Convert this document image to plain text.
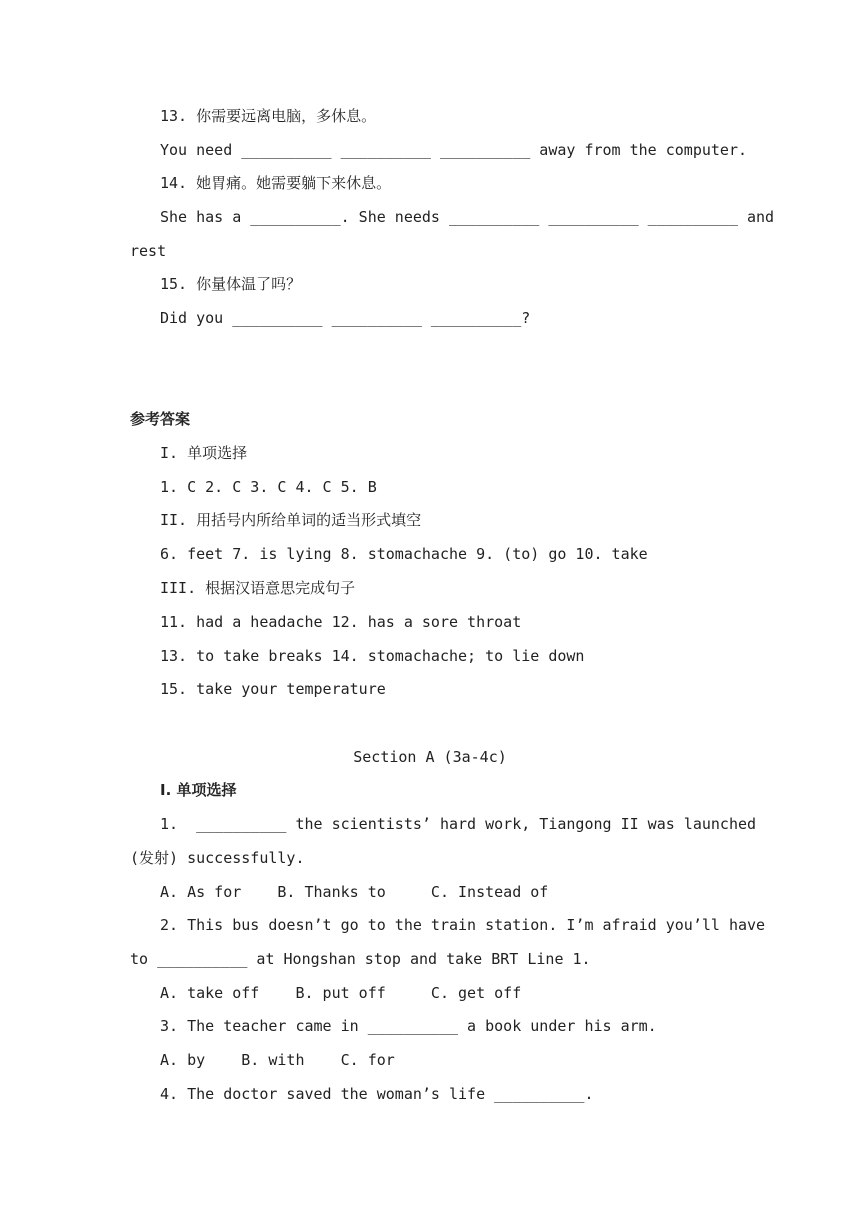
13. 你需要远离电脑，多休息。
You need __________ __________ __________ away from the computer.
14. 她胃痛。她需要躺下来休息。
She has a __________. She needs __________ __________ __________ and
rest
15. 你量体温了吗？
Did you __________ __________ __________?
参考答案
I. 单项选择
1. C 2. C 3. C 4. C 5. B
II. 用括号内所给单词的适当形式填空
6. feet 7. is lying 8. stomachache 9. (to) go 10. take
III. 根据汉语意思完成句子
11. had a headache 12. has a sore throat
13. to take breaks 14. stomachache; to lie down
15. take your temperature
Section A (3a-4c)
I. 单项选择
1.  __________ the scientists’ hard work, Tiangong II was launched
(发射) successfully.
A. As for    B. Thanks to     C. Instead of
2. This bus doesn’t go to the train station. I’m afraid you’ll have
to __________ at Hongshan stop and take BRT Line 1.
A. take off    B. put off     C. get off
3. The teacher came in __________ a book under his arm.
A. by    B. with    C. for
4. The doctor saved the woman’s life __________.
